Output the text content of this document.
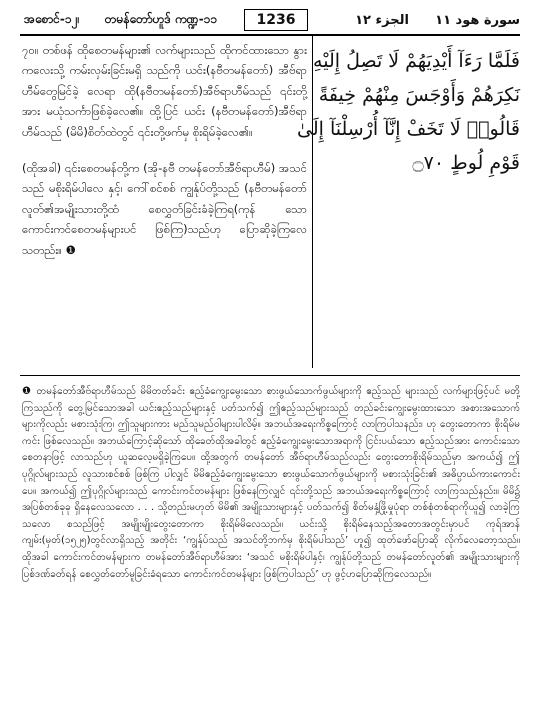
အစောင်-၁၂၊	တမန်တော်ဟူဒ် ကဏ္ဍ-၁၁	1236	الجزء ١٢ سورة هود ١١

၇၀။ တစ်ဖန် ထိုစေတမန်များ၏ လက်များသည် ထိုကင်ထားသော နွားကလေးသို့ ကမ်းလှမ်းခြင်းမရှိ သည်ကို ယင်း(နဗီတမန်တော်) အီဗ်ရာဟီမ်တွေမြင်ခဲ့ လေရာ ထို(နဗီတမန်တော်)အီဗ်ရာဟီမ်သည် ၎င်းတို့ အား မယုံသင်္ကာဖြစ်ခဲ့လေ၏။ ထို့ပြင် ယင်း (နဗီတမန်တော်)အီဗ်ရာဟီမ်သည် (မိမိ)စိတ်ထဲတွင် ၎င်းတို့ဖက်မှ စိုးရိမ်ခဲ့လေ၏။

(ထိုအခါ) ၎င်းစေတမန်တို့က (အို-နဗီ တမန်တော်အီဗ်ရာဟီမ်) အသင်သည် မစိုးရိမ်ပါလေ နှင့်၊ ကေါ်စင်စစ် ကျွန်ုပ်တို့သည် (နဗီတမန်တော် လူတ်၏အမျိုးသားတို့ထံ စေလွှတ်ခြင်းခံခဲ့ကြရ(ကုန် သော ကောင်းကင်စေတမန်များပင် ဖြစ်ကြ)သည်ဟု ပြောဆိုခဲ့ကြလေသတည်း။ ❶

فَلَمَّا رَءَآ أَيْدِيَهُمْ لَا تَصِلُ إِلَيْهِ
نَكِرَهُمْ وَأَوْجَسَ مِنْهُمْ خِيفَةً
قَالُوا۟ لَا تَخَفْ إِنَّآ أُرْسِلْنَآ إِلَىٰ
قَوْمِ لُوطٍ ۝٧٠

❶ တမန်တော်အီဗ်ရာဟီမ်သည် မိမိတတ်ခင်း ဧည့်ခံကျွေးမွေးသော စားဖွယ်သောက်ဖွယ်များကို ဧည့်သည် များသည် လက်များဖြင့်ပင် မတို့ကြသည်ကို တွေ့မြင်သောအခါ ယင်းဧည့်သည်များနှင့် ပတ်သက်၍ ဤဧည့်သည်များသည် တည်ခင်းကျွေးမွေးထားသော အစားအသောက်များကိုလည်း မစားသုံးကြ၊ ဤသူများကား မည်သူမည်ဝါများပါလိမ့်။ အဘယ်အရေးကိစ္စကြောင့် လာကြပါသနည်း၊ ဟု တွေးတောကာ စိုးရိမ်မကင်း ဖြစ်လေသည်။ အဘယ်ကြောင့်ဆိုသော် ထိုခေတ်ထိုအခါတွင် ဧည့်ခံကျွေးမွေးသောအရာကို ငြင်းပယ်သော ဧည့်သည်အား ကောင်းသောစေတနာဖြင့် လာသည်ဟု ယူဆလေ့မရှိခဲ့ကြပေ။ ထို့အတွက် တမန်တော် အီဗ်ရာဟီမ်သည်လည်း တွေးတောစိုးရိမ်သည်မှာ အကယ်၍ ဤပုဂ္ဂိုလ်များသည် လူသားစင်စစ် ဖြစ်ကြ ပါလျှင် မိမိဧည့်ခံကျွေးမွေးသော စားဖွယ်သောက်ဖွယ်များကို မစားသုံးခြင်း၏ အဓိပ္ပာယ်ကားကောင်းပေ။ အကယ်၍ ဤပုဂ္ဂိုလ်များသည် ကောင်းကင်တမန်များ ဖြစ်နေကြလျှင် ၎င်းတို့သည် အဘယ်အရေးကိစ္စကြောင့် လာကြသည်နည်း။ မိမိ၌ အပြစ်တစ်ခုခု ရှိနေလေသလော . . . သို့တည်းမဟုတ် မိမိ၏ အမျိုးသားများနှင့် ပတ်သက်၍ စိတ်မနှံ့ဖြို့မှုပုံရာ တစ်စုံတစ်ရာကိုယူ၍ လာခဲ့ကြသလော စသည်ဖြင့် အမျိုးမျိုးတွေးတောကာ စိုးရိမ်မိလေသည်။ ယင်းသို့ စိုးရိမ်နေသည့်အတောအတွင်းမှာပင် ကုရ်အာန်ကျမ်း(မှတ်(၁၅၂၅)တွင်လာရှိသည့် အတိုင်း ‘ကျွန်ုပ်သည် အသင်တို့ဘက်မှ စိုးရိမ်ပါသည်’ ဟူ၍ ထုတ်ဖော်ပြောဆို လိုက်လေတော့သည်။ ထိုအခါ ကောင်းကင်တမန်များက တမန်တော်အီဗ်ရာဟီမ်အား ‘အသင် မစိုးရိမ်ပါနှင့်၊ ကျွန်ုပ်တို့သည် တမန်တော်လူတ်၏ အမျိုးသားများကို ပြစ်ဒဏ်ခတ်ရန် စေလွှတ်တော်မူခြင်းခံရသော ကောင်းကင်တမန်များ ဖြစ်ကြပါသည်’ ဟု ဖွင့်ဟပြောဆိုကြလေသည်။
